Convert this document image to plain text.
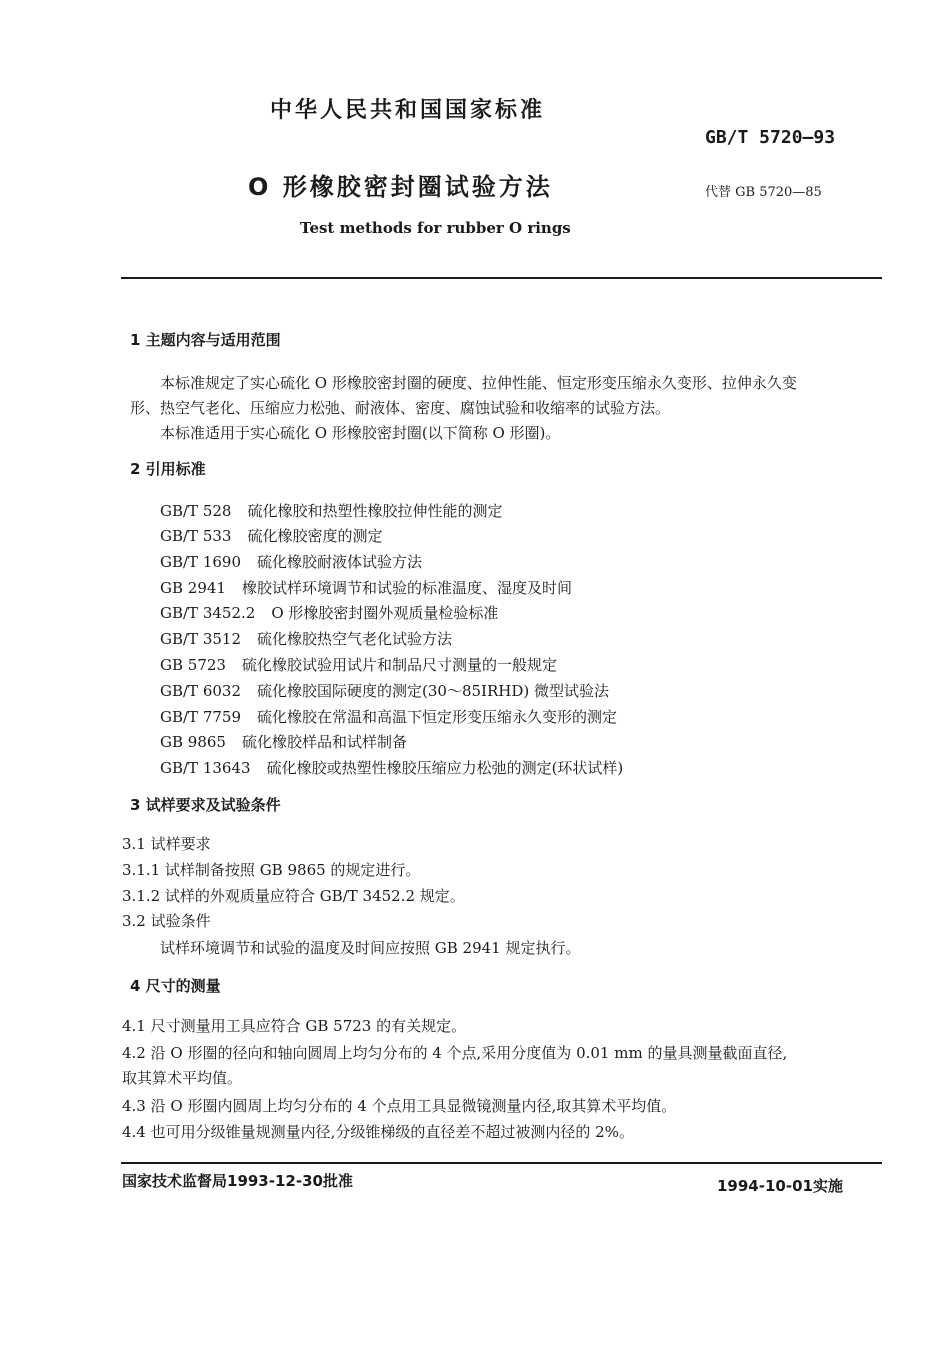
中华人民共和国国家标准
GB/T 5720—93
O 形橡胶密封圈试验方法	代替 GB 5720—85
Test methods for rubber O rings
1 主题内容与适用范围
本标准规定了实心硫化 O 形橡胶密封圈的硬度、拉伸性能、恒定形变压缩永久变形、拉伸永久变
形、热空气老化、压缩应力松弛、耐液体、密度、腐蚀试验和收缩率的试验方法。
本标准适用于实心硫化 O 形橡胶密封圈(以下简称 O 形圈)。
2 引用标准
GB/T 528 硫化橡胶和热塑性橡胶拉伸性能的测定
GB/T 533 硫化橡胶密度的测定
GB/T 1690 硫化橡胶耐液体试验方法
GB 2941 橡胶试样环境调节和试验的标准温度、湿度及时间
GB/T 3452.2 O 形橡胶密封圈外观质量检验标准
GB/T 3512 硫化橡胶热空气老化试验方法
GB 5723 硫化橡胶试验用试片和制品尺寸测量的一般规定
GB/T 6032 硫化橡胶国际硬度的测定(30～85IRHD) 微型试验法
GB/T 7759 硫化橡胶在常温和高温下恒定形变压缩永久变形的测定
GB 9865 硫化橡胶样品和试样制备
GB/T 13643 硫化橡胶或热塑性橡胶压缩应力松弛的测定(环状试样)
3 试样要求及试验条件
3.1 试样要求
3.1.1 试样制备按照 GB 9865 的规定进行。
3.1.2 试样的外观质量应符合 GB/T 3452.2 规定。
3.2 试验条件
试样环境调节和试验的温度及时间应按照 GB 2941 规定执行。
4 尺寸的测量
4.1 尺寸测量用工具应符合 GB 5723 的有关规定。
4.2 沿 O 形圈的径向和轴向圆周上均匀分布的 4 个点,采用分度值为 0.01 mm 的量具测量截面直径,
取其算术平均值。
4.3 沿 O 形圈内圆周上均匀分布的 4 个点用工具显微镜测量内径,取其算术平均值。
4.4 也可用分级锥量规测量内径,分级锥梯级的直径差不超过被测内径的 2%。
国家技术监督局1993-12-30批准	1994-10-01实施
